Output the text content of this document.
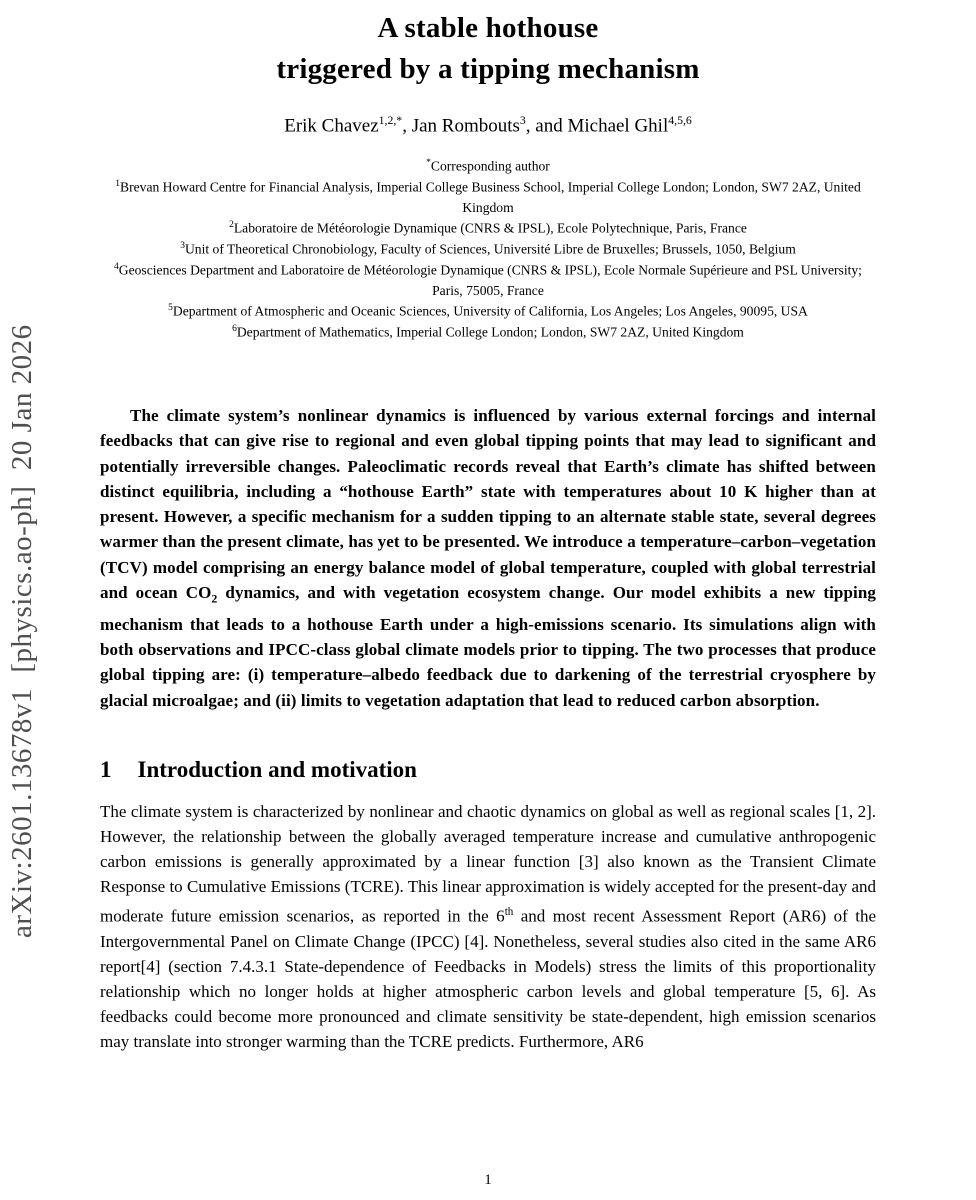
arXiv:2601.13678v1  [physics.ao-ph]  20 Jan 2026
A stable hothouse
triggered by a tipping mechanism
Erik Chavez$^{1,2,*}$, Jan Rombouts$^3$, and Michael Ghil$^{4,5,6}$
*Corresponding author
$^1$Brevan Howard Centre for Financial Analysis, Imperial College Business School, Imperial College London; London, SW7 2AZ, United Kingdom
$^2$Laboratoire de Météorologie Dynamique (CNRS & IPSL), Ecole Polytechnique, Paris, France
$^3$Unit of Theoretical Chronobiology, Faculty of Sciences, Université Libre de Bruxelles; Brussels, 1050, Belgium
$^4$Geosciences Department and Laboratoire de Météorologie Dynamique (CNRS & IPSL), Ecole Normale Supérieure and PSL University; Paris, 75005, France
$^5$Department of Atmospheric and Oceanic Sciences, University of California, Los Angeles; Los Angeles, 90095, USA
$^6$Department of Mathematics, Imperial College London; London, SW7 2AZ, United Kingdom

The climate system’s nonlinear dynamics is influenced by various external forcings and internal feedbacks that can give rise to regional and even global tipping points that may lead to significant and potentially irreversible changes. Paleoclimatic records reveal that Earth’s climate has shifted between distinct equilibria, including a “hothouse Earth” state with temperatures about 10 K higher than at present. However, a specific mechanism for a sudden tipping to an alternate stable state, several degrees warmer than the present climate, has yet to be presented. We introduce a temperature–carbon–vegetation (TCV) model comprising an energy balance model of global temperature, coupled with global terrestrial and ocean $CO_2$ dynamics, and with vegetation ecosystem change. Our model exhibits a new tipping mechanism that leads to a hothouse Earth under a high-emissions scenario. Its simulations align with both observations and IPCC-class global climate models prior to tipping. The two processes that produce global tipping are: (i) temperature–albedo feedback due to darkening of the terrestrial cryosphere by glacial microalgae; and (ii) limits to vegetation adaptation that lead to reduced carbon absorption.

1 Introduction and motivation

The climate system is characterized by nonlinear and chaotic dynamics on global as well as regional scales [1, 2]. However, the relationship between the globally averaged temperature increase and cumulative anthropogenic carbon emissions is generally approximated by a linear function [3] also known as the Transient Climate Response to Cumulative Emissions (TCRE). This linear approximation is widely accepted for the present-day and moderate future emission scenarios, as reported in the 6th and most recent Assessment Report (AR6) of the Intergovernmental Panel on Climate Change (IPCC) [4]. Nonetheless, several studies also cited in the same AR6 report[4] (section 7.4.3.1 State-dependence of Feedbacks in Models) stress the limits of this proportionality relationship which no longer holds at higher atmospheric carbon levels and global temperature [5, 6]. As feedbacks could become more pronounced and climate sensitivity be state-dependent, high emission scenarios may translate into stronger warming than the TCRE predicts. Furthermore, AR6

1
